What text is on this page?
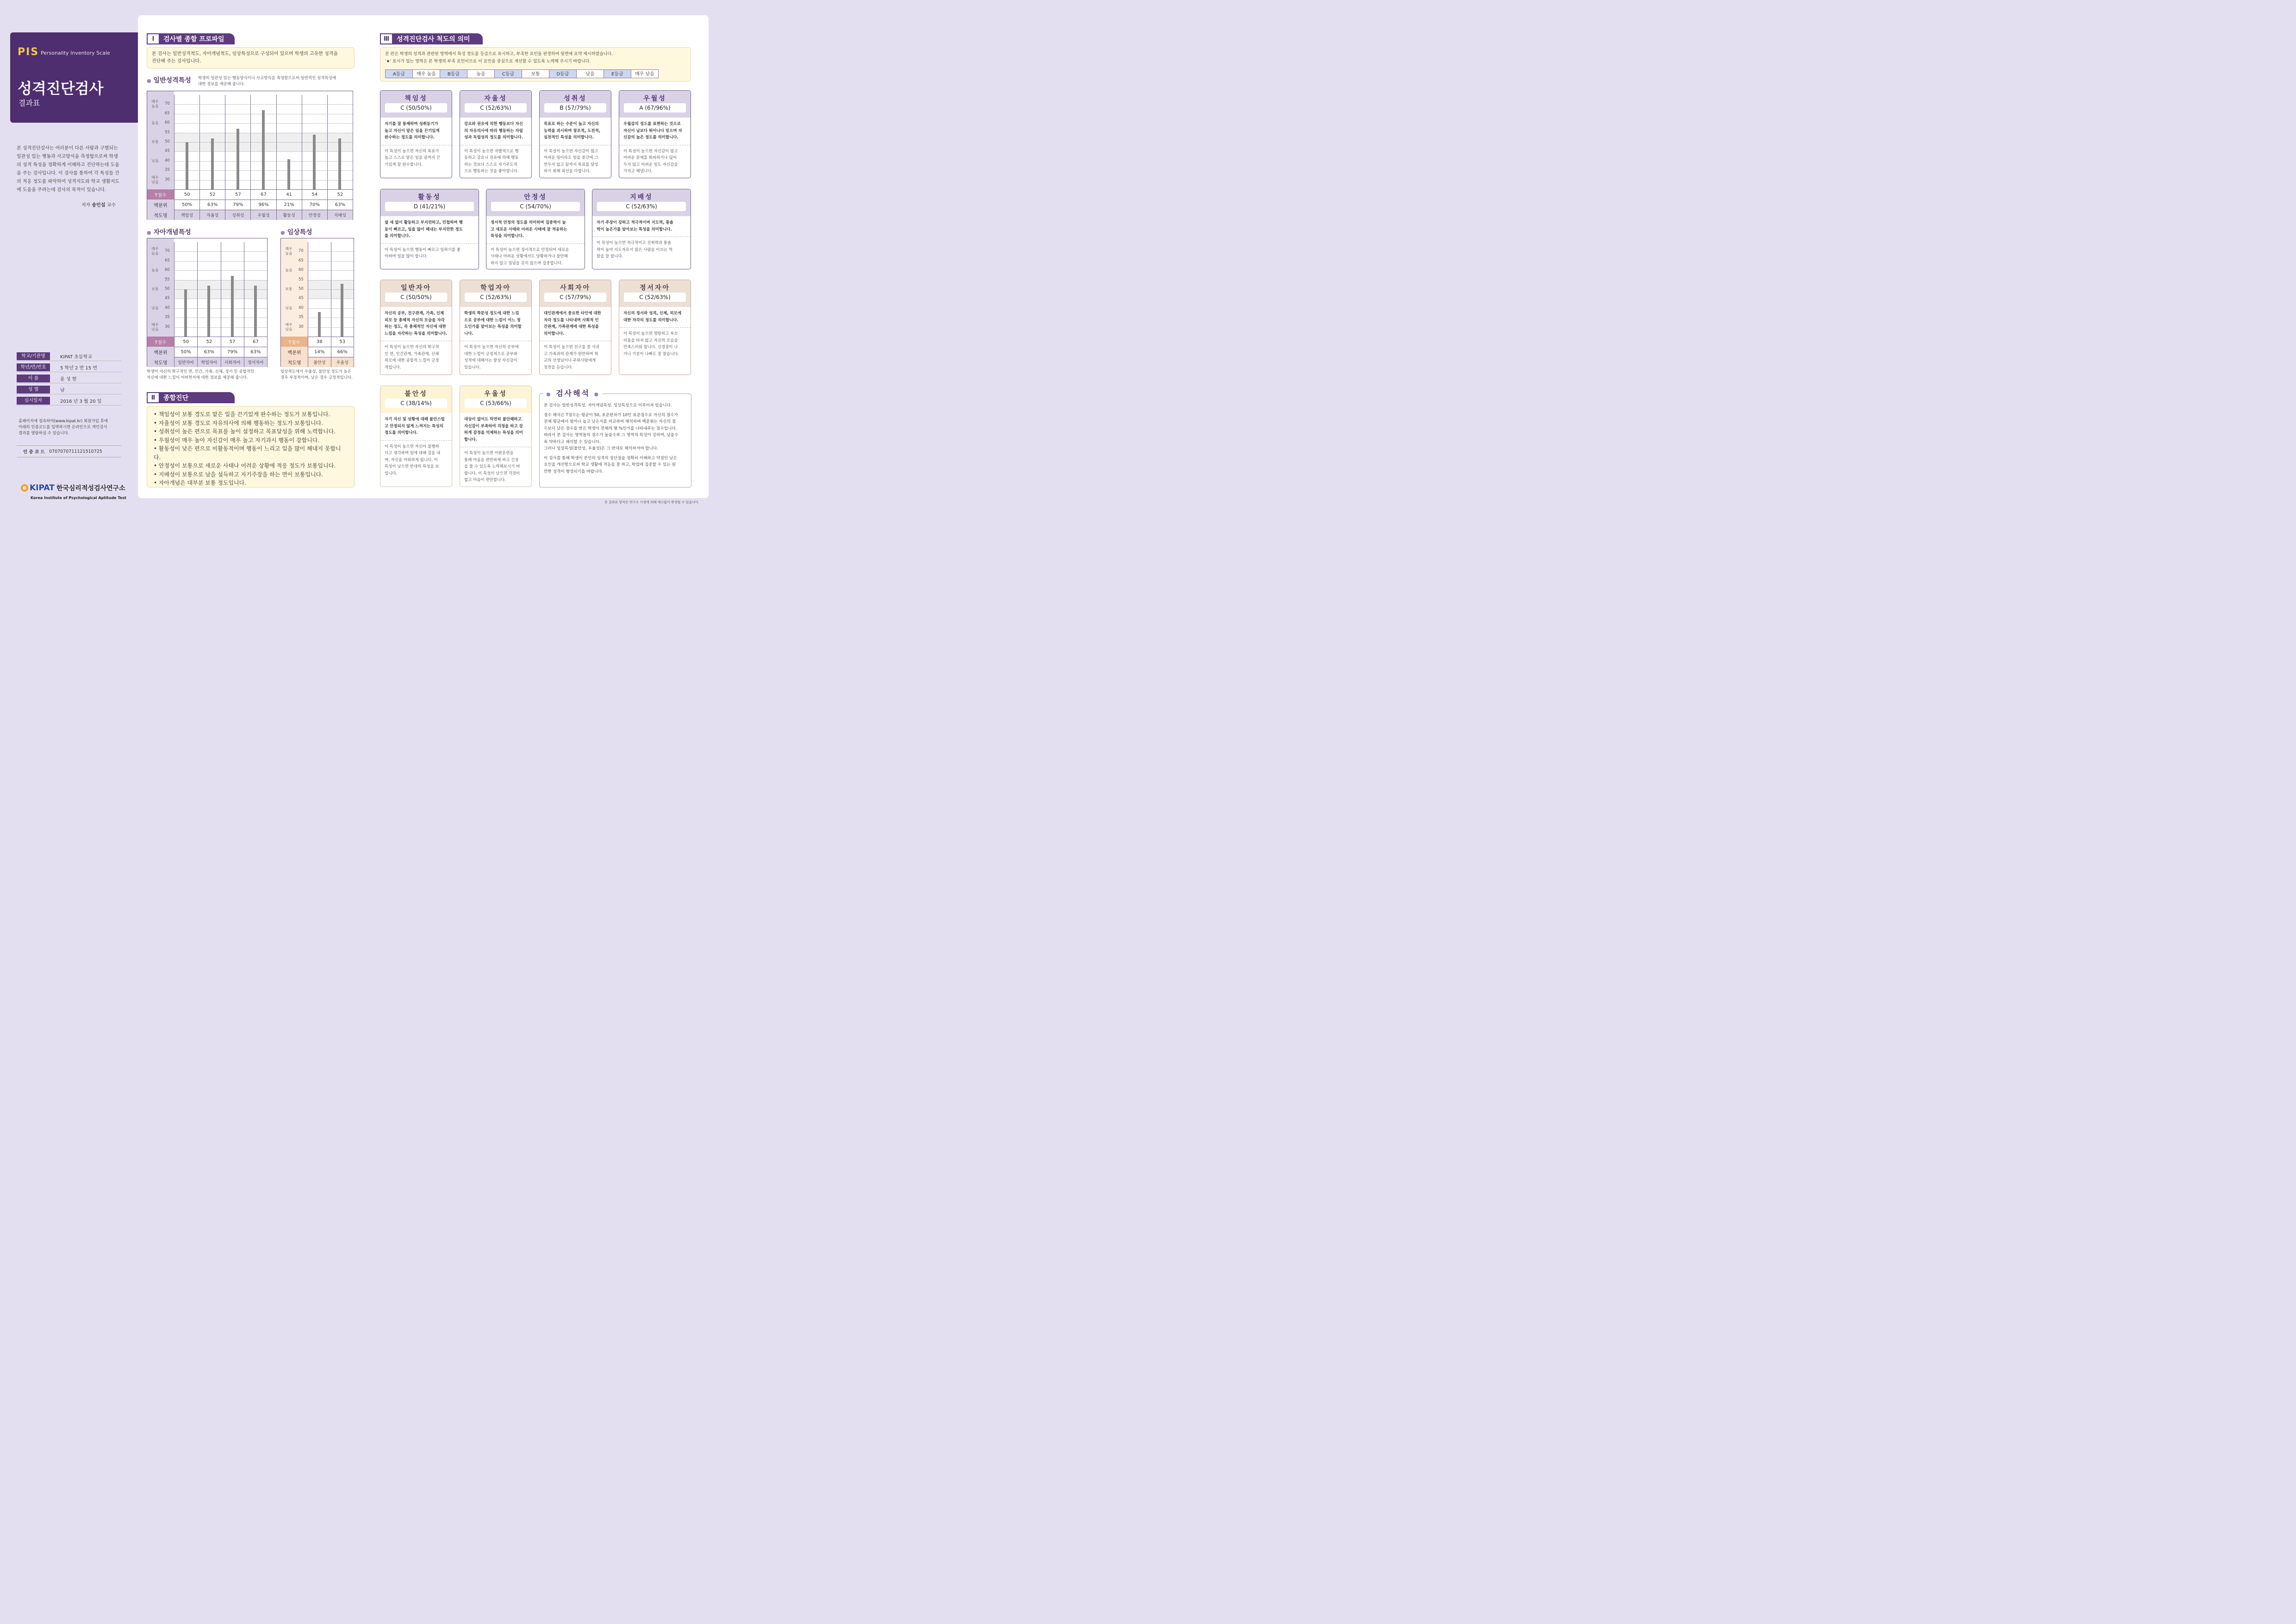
PIS Personality Inventory Scale
성격진단검사
결과표
본 성격진단검사는 여러분이 다른 사람과 구별되는
일관성 있는 행동과 사고방식을 측정함으로써 학생
의 성격 특성을 정확하게 이해하고 진단하는데 도움
을 주는 검사입니다. 이 검사를 통하여 각 특성들 간
의 적응 정도를 파악하여 성격지도와 학교 생활지도
에 도움을 주려는데 검사의 목적이 있습니다.
저자 송인섭 교수
학교/기관명	KIPAT 초등학교
학년/반/번호	5 학년 2 반 15 번
이 름	윤 성 현
성 별	남
실시일자	2016 년 3 월 20 일
홈페이지에 접속하여(www.kipat.kr) 회원가입 후에
아래의 인증코드를 입력하시면 온라인으로 개인검사
결과를 열람하실 수 있습니다.
인 증 코 드 0707070711121510725
KIPAT 한국심리적성검사연구소
Korea Institute of Psychological Aptitude Test
Ⅰ	검사별 종합 프로파일
본 검사는 일반성격척도, 자아개념척도, 임상특성으로 구성되어 있으며 학생의 고유한 성격을
진단해 주는 검사입니다.
● 일반성격특성 학생의 일관성 있는 행동양식이나 사교방식을 측정함으로써 일반적인 성격특성에
대한 정보를 제공해 줍니다.
매우
높음
높음
보통
낮음
매우
낮음
30
35
40
45
50
55
60
65
70
T점수	50	52	57	67	41	54	52
백분위	50%	63%	79%	96%	21%	70%	63%
척도명	책임성	자율성	성취성	우월성	활동성	안정성	지배성
● 자아개념특성
매우
높음
높음
보통
낮음
매우
낮음
30
35
40
45
50
55
60
65
70
T점수	50	52	57	67
백분위	50%	63%	79%	63%
척도명	일반자아	학업자아	사회자아	정서자아
학생이 자신의 학구적인 면, 인간, 가족, 신체, 정서 등 종합적인
자신에 대한 느낌이 어떠한지에 대한 정보를 제공해 줍니다.
● 임상특성
매우
높음
높음
보통
낮음
매우
낮음
30
35
40
45
50
55
60
65
70
T점수	38	53
백분위	14%	66%
척도명	불안성	우울성
임상척도에서 우울성, 불안성 정도가 높은
경우 부정적이며, 낮은 경우 긍정적입니다.
Ⅱ	종합진단
• 책임성이 보통 경도로 맡은 일을 끈기있게 완수하는 정도가 보통입니다.
• 자율성이 보통 경도로 자유의사에 의해 행동하는 정도가 보통입니다.
• 성취성이 높은 편으로 목표를 높이 설정하고 목표달성을 위해 노력합니다.
• 우월성이 매우 높아 자신감이 매우 높고 자기과시 행동이 강합니다.
• 활동성이 낮은 편으로 비활동적이며 행동이 느리고 일을 많이 해내지 못합니다.
• 안정성이 보통으로 새로운 사태나 어려운 상황에 적응 정도가 보통입니다.
• 지배성이 보통으로 남을 설득하고 자기주장을 하는 면이 보통입니다.
• 자아개념은 대부분 보통 정도입니다.
Ⅲ	성격진단검사 척도의 의미
본 란은 학생의 성격과 관련된 영역에서 특성 정도를 등급으로 표시하고, 부족한 요인을 판정하여 뒷면에 요약 제시하였습니다.
'★' 표시가 있는 영역은 본 학생의 부족 요인이므로 이 요인을 중심으로 개선할 수 있도록 노력해 주시기 바랍니다.
A등급	매우 높음	B등급	높음	C등급	보통	D등급	낮음	E등급	매우 낮음
책임성
C (50/50%)
자기를 잘 통제하며 성취동기가
높고 자신이 맡은 일을 끈기있게
완수하는 정도를 의미합니다.
이 특성이 높으면 자신의 목표가
높고 스스로 맡은 일을 끝까지 끈
기있게 잘 완수합니다.
자율성
C (52/63%)
강요와 권유에 의한 행동보다 자신
의 자유의사에 따라 행동하는 자립
성과 독립성의 정도를 의미합니다.
이 특성이 높으면 자발적으로 행
동하고 강요나 권유에 의해 행동
하는 것보다 스스로 자기주도적
으로 행동하는 것을 좋아합니다.
성취성
B (57/79%)
목표로 하는 수준이 높고 자신의
능력을 과시하며 창조적, 도전적,
실천적인 특성을 의미합니다.
이 특성이 높으면 자신감이 많고
어려운 일이라도 일을 중간에 그
만두지 않고 끝까지 목표를 달성
하기 위해 최선을 다합니다.
우월성
A (67/96%)
우월감의 정도를 표현하는 것으로
자신이 남보다 뛰어나다 믿으며 자
신감의 높은 정도를 의미합니다.
이 특성이 높으면 자신감이 많고
어려운 문제를 회피하거나 덮어
두지 않고 어려운 일도 자신감을
가지고 해냅니다.
활동성
D (41/21%)
쉴 새 없이 활동하고 부지런하고, 민첩하며 행
동이 빠르고, 일을 많이 해내는 부지런한 정도
를 의미합니다.
이 특성이 높으면 행동이 빠르고 일하기를 좋
아하며 일을 많이 합니다.
안정성
C (54/70%)
정서적 안정의 정도를 의미하며 집중력이 높
고 새로운 사태와 어려운 사태에 잘 적응하는
특성을 의미합니다.
이 특성이 높으면 정서적으로 안정되어 새로운
사태나 어려운 상황에서도 당황하거나 불안해
하지 않고 침념을 갖지 않으며 집중합니다.
지배성
C (52/63%)
자기 주장이 강하고 적극적이며 지도력, 통솔
력이 높은가를 알아보는 특성을 의미합니다.
이 특성이 높으면 적극적이고 진취력과 통솔
력이 높아 지도자로서 많은 사람을 이끄는 역
할을 잘 합니다.
일반자아
C (50/50%)
자신의 공부, 친구관계, 가족, 신체
외모 등 총체적 자신의 모습을 자각
하는 정도, 즉 총체적인 자신에 대한
느낌을 자각하는 특성을 의미합니다.
이 특성이 높으면 자신의 학구적
인 면, 인간관계, 가족관계, 신체
외모에 대한 종합적 느낌이 긍정
적입니다.
학업자아
C (52/63%)
학생의 학문성 정도에 대한 느낌
으로 공부에 대한 느낌이 어느 정
도인가를 알아보는 특성을 의미합
니다.
이 특성이 높으면 자신의 공부에
대한 느낌이 긍정적으로 공부와
성적에 대해서는 항상 자신감이
있습니다.
사회자아
C (57/79%)
대인관계에서 중요한 타인에 대한
자각 정도를 나타내며 사회적 인
간관계, 가족관계에 대한 특성을
의미합니다.
이 특성이 높으면 친구를 잘 사귀
고 가족과의 관계가 원만하며 학
교의 선생님이나 주위사람에게
칭찬을 듣습니다.
정서자아
C (52/63%)
자신의 정서와 성격, 신체, 외모에
대한 자각의 정도를 의미합니다.
이 특성이 높으면 명랑하고 부끄
러움을 타지 않고 자신의 모습을
만족스러워 합니다. 신경질이 나
거나 기분이 나빠도 잘 참습니다.
불안성
C (38/14%)
자기 자신 및 상황에 대해 불안스럽
고 안정되지 않게 느껴지는 특성의
정도를 의미합니다.
이 특성이 높으면 자신이 불행하
다고 생각하며 일에 대해 겁을 내
며, 자신을 미워하게 됩니다. 이
특성이 낮으면 반대의 특성을 보
입니다.
우울성
C (53/66%)
대상이 없어도 막연히 불안해하고
자신감이 부족하여 걱정을 하고 강
하게 감정을 억제하는 특성을 의미
합니다.
이 특성이 높으면 이완훈련을
통해 마음을 편안하게 하고 긴장
을 풀 수 있도록 노력해보시기 바
랍니다. 이 특성이 낮으면 걱정이
없고 마음이 편안합니다.
● 검사해석 ●
본 검사는 일반성격특성, 자아개념특성, 임상특성으로 이루어져 있습니다.
점수 해석은 T점수는 평균이 50, 표준편차가 10인 표준점수로 자신의 점수가
전체 평균에서 얼마나 높고 낮은지를 비교하여 해석하며 백분위는 자신의 점
수보다 낮은 점수를 받은 학생이 전체의 몇 %인가를 나타내주는 점수입니다.
따라서 본 검사는 영역들의 점수가 높을수록 그 영역의 특성이 강하며, 낮을수
록 약하다고 해석할 수 있습니다.
그러나 임상특성(불안성, 우울성)은 그 반대로 해석하셔야 합니다.
이 검사를 통해 학생이 본인의 성격의 장단점을 정확히 이해하고 약점인 낮은
요인을 개선함으로써 학교 생활에 적응을 잘 하고, 학업에 집중할 수 있는 원
만한 성격이 형성되기를 바랍니다.
본 결과표 양식은 연구소 사정에 의해 예고없이 변경될 수 있습니다.
